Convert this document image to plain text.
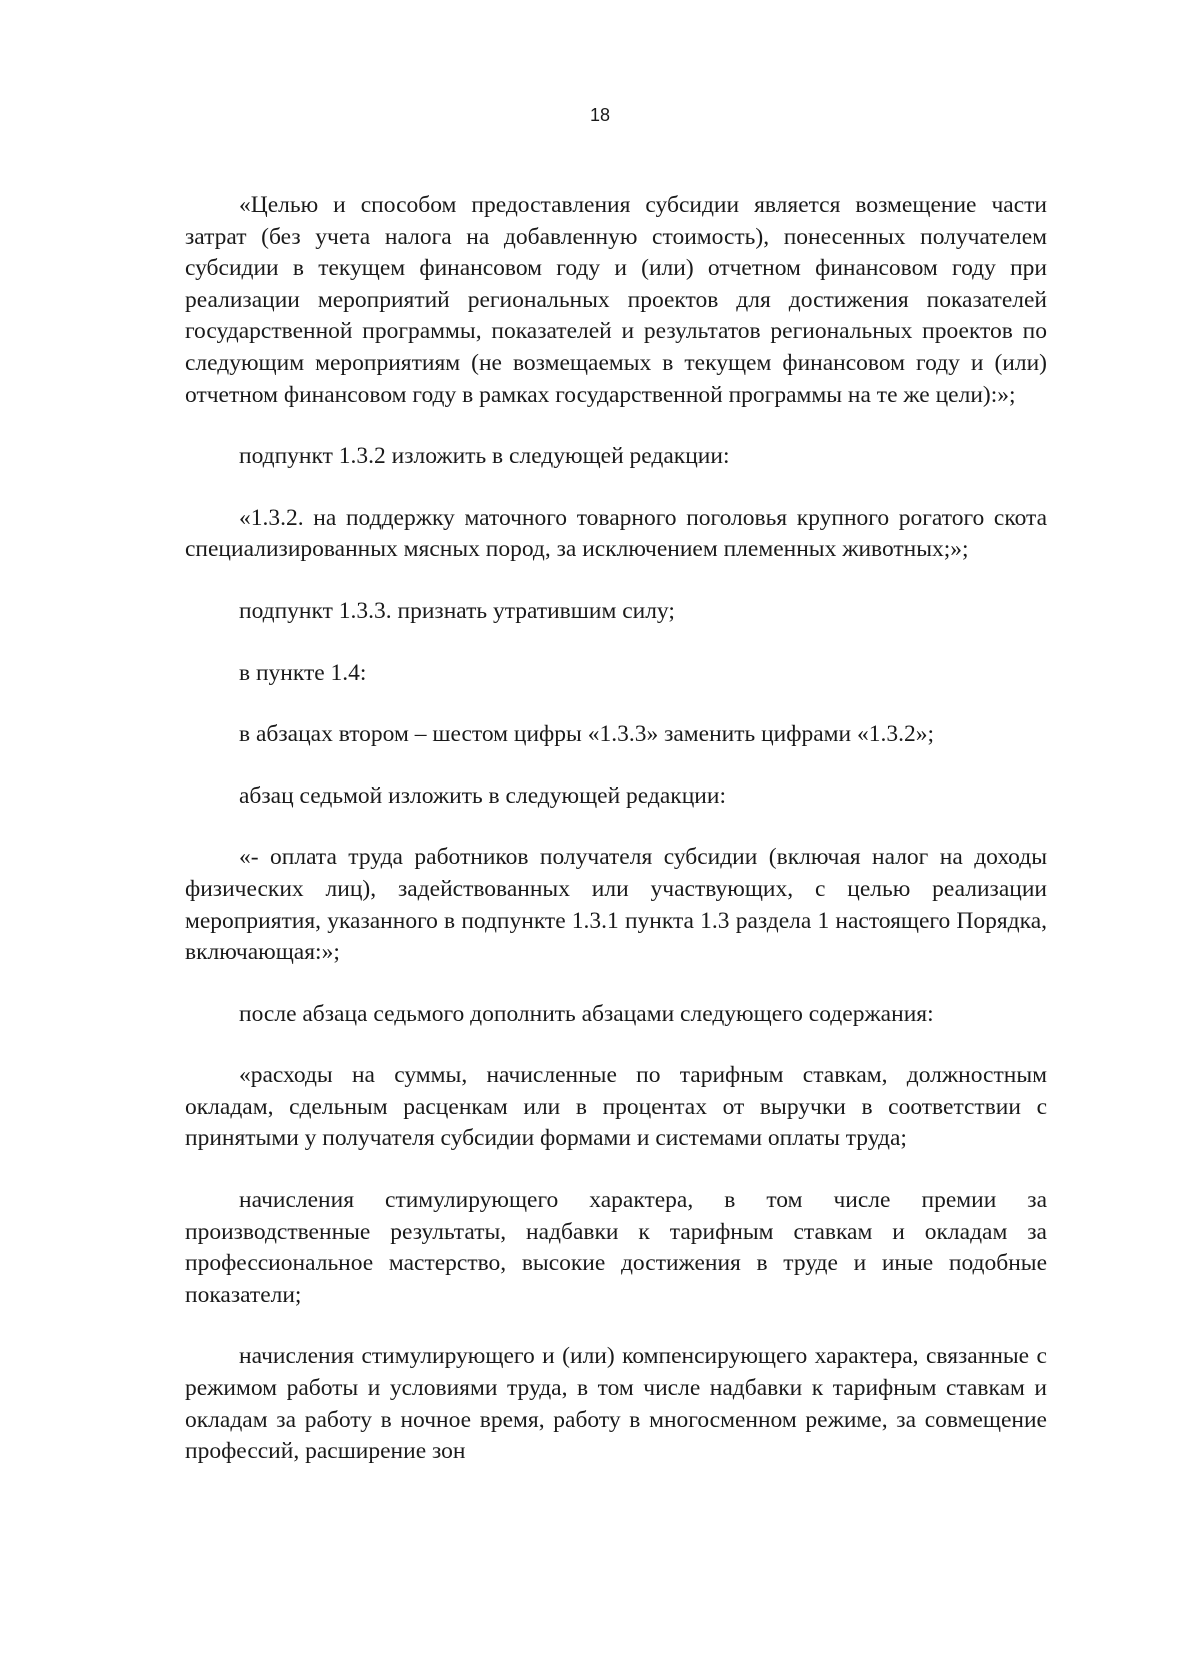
18

«Целью и способом предоставления субсидии является возмещение части затрат (без учета налога на добавленную стоимость), понесенных получателем субсидии в текущем финансовом году и (или) отчетном финансовом году при реализации мероприятий региональных проектов для достижения показателей государственной программы, показателей и результатов региональных проектов по следующим мероприятиям (не возмещаемых в текущем финансовом году и (или) отчетном финансовом году в рамках государственной программы на те же цели):»;

подпункт 1.3.2 изложить в следующей редакции:

«1.3.2. на поддержку маточного товарного поголовья крупного рогатого скота специализированных мясных пород, за исключением племенных животных;»;

подпункт 1.3.3. признать утратившим силу;

в пункте 1.4:

в абзацах втором – шестом цифры «1.3.3» заменить цифрами «1.3.2»;

абзац седьмой изложить в следующей редакции:

«- оплата труда работников получателя субсидии (включая налог на доходы физических лиц), задействованных или участвующих, с целью реализации мероприятия, указанного в подпункте 1.3.1 пункта 1.3 раздела 1 настоящего Порядка, включающая:»;

после абзаца седьмого дополнить абзацами следующего содержания:

«расходы на суммы, начисленные по тарифным ставкам, должностным окладам, сдельным расценкам или в процентах от выручки в соответствии с принятыми у получателя субсидии формами и системами оплаты труда;

начисления стимулирующего характера, в том числе премии за производственные результаты, надбавки к тарифным ставкам и окладам за профессиональное мастерство, высокие достижения в труде и иные подобные показатели;

начисления стимулирующего и (или) компенсирующего характера, связанные с режимом работы и условиями труда, в том числе надбавки к тарифным ставкам и окладам за работу в ночное время, работу в многосменном режиме, за совмещение профессий, расширение зон
